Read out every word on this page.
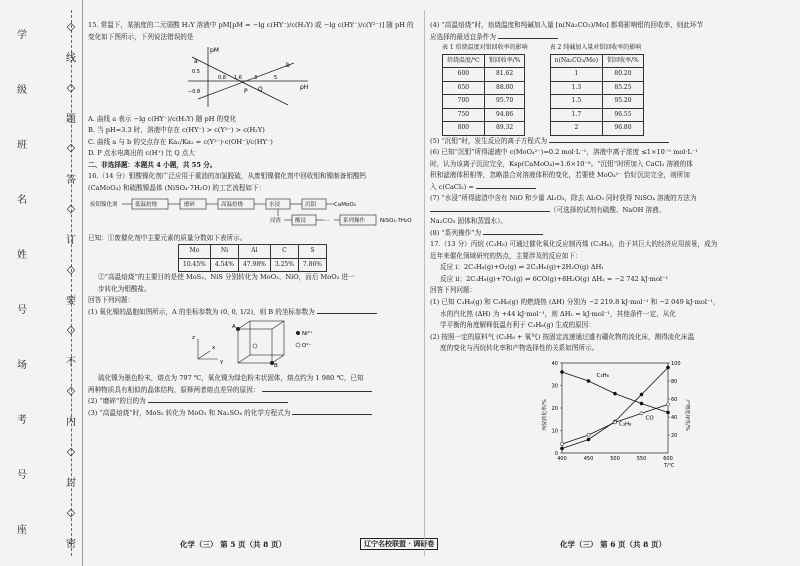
学
级
班
名
姓
号
场
考
号
座
◇
线
◇
题
◇
答
◇
订
◇
要
◇
不
◇
内
◇
封
◇
密

15. 常温下，某抽度的二元弱酸 H₂Y 溶液中 pM[pM = −lg c(HY⁻)/c(H₂Y) 或 −lg c(HY⁻)/c(Y²⁻)] 随 pH 的

变化如下图所示，下列说法错误的是

pM
pH
0.8 1.6 3	5
Q
P
a
b
0.5
−0.8

A. 曲线 a 表示 −lg c(HY⁻)/c(H₂Y) 随 pH 的变化

B. 当 pH=3.3 时，溶液中存在 c(HY⁻) > c(Y²⁻) > c(H₂Y)

C. 曲线 a 与 b 的交点存在 Ka₁/Ka₂ = c(Y²⁻)·c(OH⁻)/c(HY⁻)

D. P 点水电离出的 c(H⁺) 比 Q 点大

二、非选择题：本题共 4 小题，共 55 分。

16.（14 分）钼酸镍化剂广泛应用于重油的加氢脱硫，从废钼镍催化剂中回收钼和镍制备钼酸钙

(CaMoO₄) 和硫酸镍晶体 (NiSO₄·7H₂O) 的工艺流程如下：

废钼镍化剂	低温焙烧	磨碎	高温焙烧	水浸	沉钼	CaMoO₄
浸渣	酸浸	···	系列操作	NiSO₄·7H₂O

已知：①废催化剂中主要元素的质量分数如下表所示。

Mo	Ni	Al	C	S
10.45%	4.54%	47.98%	3.25%	7.86%

②“高温焙烧”的主要目的是使 MoS₂、NiS 分别转化为 MoO₃、NiO，而后 MoO₃ 进一

步转化为钼酸盐。

回答下列问题：

(1) 氧化镍的晶胞如图所示，A 的坐标参数为 (0, 0, 1/2)，则 B 的坐标参数为

Ni²⁺
O²⁻
A
B
y
z
x

硫化镍为墨色粉末，熔点为 797 ℃，氧化镍为绿色粉末状固体，熔点约为 1 980 ℃，已知

两种物质具有相似的晶体结构，原释两者熔点差异的原因：

(2) “磨碎”的目的为

(3) “高温焙烧”时，MoS₂ 转化为 MoO₃ 和 Na₂SO₄ 的化学方程式为

化学（三） 第 5 页（共 8 页）	辽宁名校联盟 · 调研卷

(4) “高温焙烧”时，焙烧温度和纯碱加入量 [n(Na₂CO₃)/Mo] 都将影响钼的回收率，则此环节

应选择的最适宜条件为

表 1 焙烧温度对钼回收率的影响

焙烧温度/℃	钼回收率/%
600	81.62
650	88.00
700	95.70
750	94.86
800	89.32

表 2 纯碱加入量对钼回收率的影响

n(Na₂CO₃/Mo)	钼回收率/%
1	80.20
1.3	85.25
1.5	95.20
1.7	96.55
2	96.80

(5) “沉钼”时，发生反应的离子方程式为

(6) 已知“沉钼”所得滤液中 c(MoO₄²⁻)=0.2 mol·L⁻¹，溶液中离子浓度 ≤1×10⁻⁵ mol·L⁻¹

时，认为该离子沉淀完全，Ksp(CaMoO₄)=1.6×10⁻⁸。“沉钼”时所加入 CaCl₂ 溶液的体

积和滤液体积相等，忽略混合对溶液体积的变化，若要使 MoO₄²⁻ 恰好沉淀完全，则所加

入 c(CaCl₂) =

(7) “水浸”所得滤渣中含有 NiO 和少量 Al₂O₃，除去 Al₂O₃ 同时获得 NiSO₄ 溶液的方法为

（可选择的试剂有硫酸、NaOH 溶液、

Na₂CO₃ 固体和蒸馏水）。

(8) “系列操作”为

17.（13 分）丙烷 (C₃H₈) 可通过催化氧化反应制丙烯 (C₃H₆)，由于其巨大的经济应用前景，成为

近年来催化领域研究的热点，主要涉及的反应如下：

反应 i：2C₃H₈(g)+O₂(g) ⇌ 2C₃H₆(g)+2H₂O(g) ΔH₁

反应 ii：2C₃H₈(g)+7O₂(g) ⇌ 6CO(g)+8H₂O(g) ΔH₂ = −2 742 kJ·mol⁻¹

回答下列问题：

(1) 已知 C₃H₈(g) 和 C₃H₆(g) 的燃烧热 (ΔH) 分别为 −2 219.8 kJ·mol⁻¹ 和 −2 049 kJ·mol⁻¹，

水的汽化热 (ΔH) 为 +44 kJ·mol⁻¹，则 ΔH₁ = kJ·mol⁻¹，其他条件一定，从化

学平衡的角度解释低温有利于 C₃H₆(g) 生成的原因：

(2) 按照一定的原料气 (C₃H₈ + 氧气) 按固定流速通过盛有硼化物的流化床，测得流化床温

度的变化与丙烷转化率和产物选择性的关系如图所示。

0
10
20
30
40
20
40
60
80
100
400	450	500	550	600
T/℃
丙烷转化率/%	产物选择性/%
C₃H₆
C₃H₈
CO
化学（三） 第 6 页（共 8 页）
